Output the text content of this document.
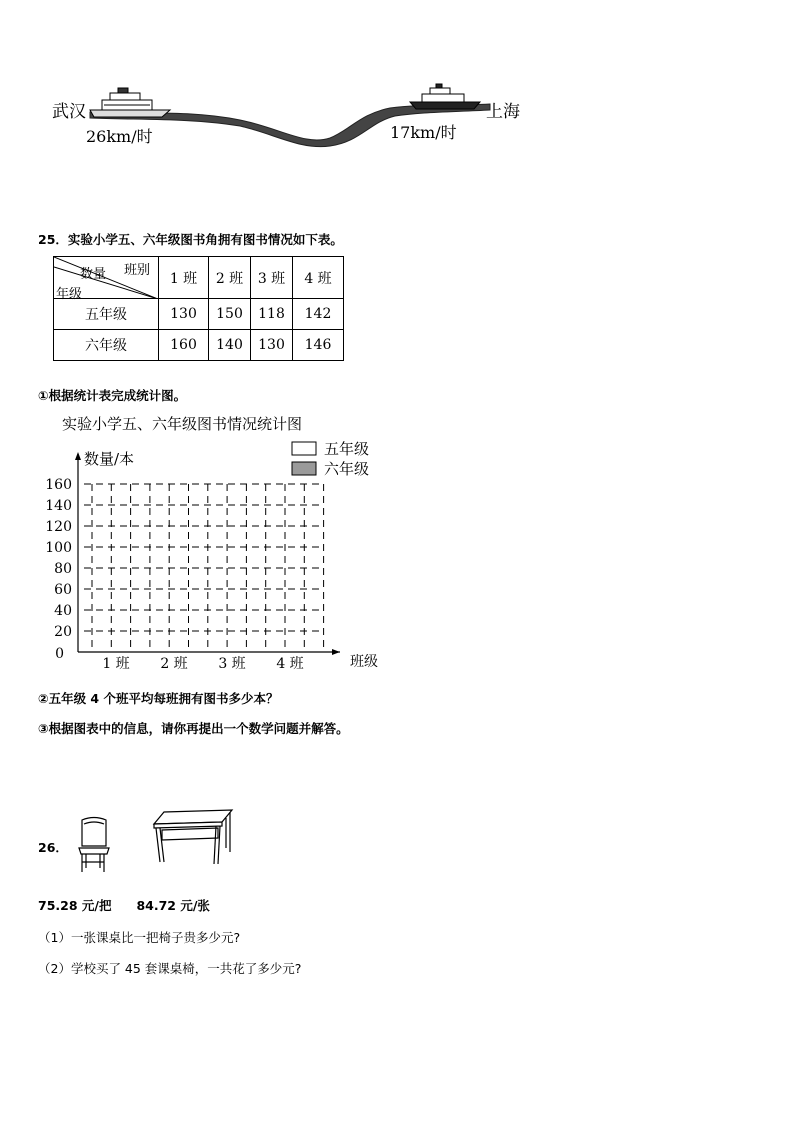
武汉	上海
26km/时	17km/时
25．实验小学五、六年级图书角拥有图书情况如下表。
班别
数量
年级	1 班	2 班	3 班	4 班
五年级	130	150	118	142
六年级	160	140	130	146
①根据统计表完成统计图。
实验小学五、六年级图书情况统计图
数量/本
班级
0
20
40
60
80
100
120
140
160
1 班 2 班 3 班 4 班
五年级
六年级
②五年级 4 个班平均每班拥有图书多少本？
③根据图表中的信息，请你再提出一个数学问题并解答。
26．
75.28 元/把　　84.72 元/张
（1）一张课桌比一把椅子贵多少元?
（2）学校买了 45 套课桌椅，一共花了多少元?
